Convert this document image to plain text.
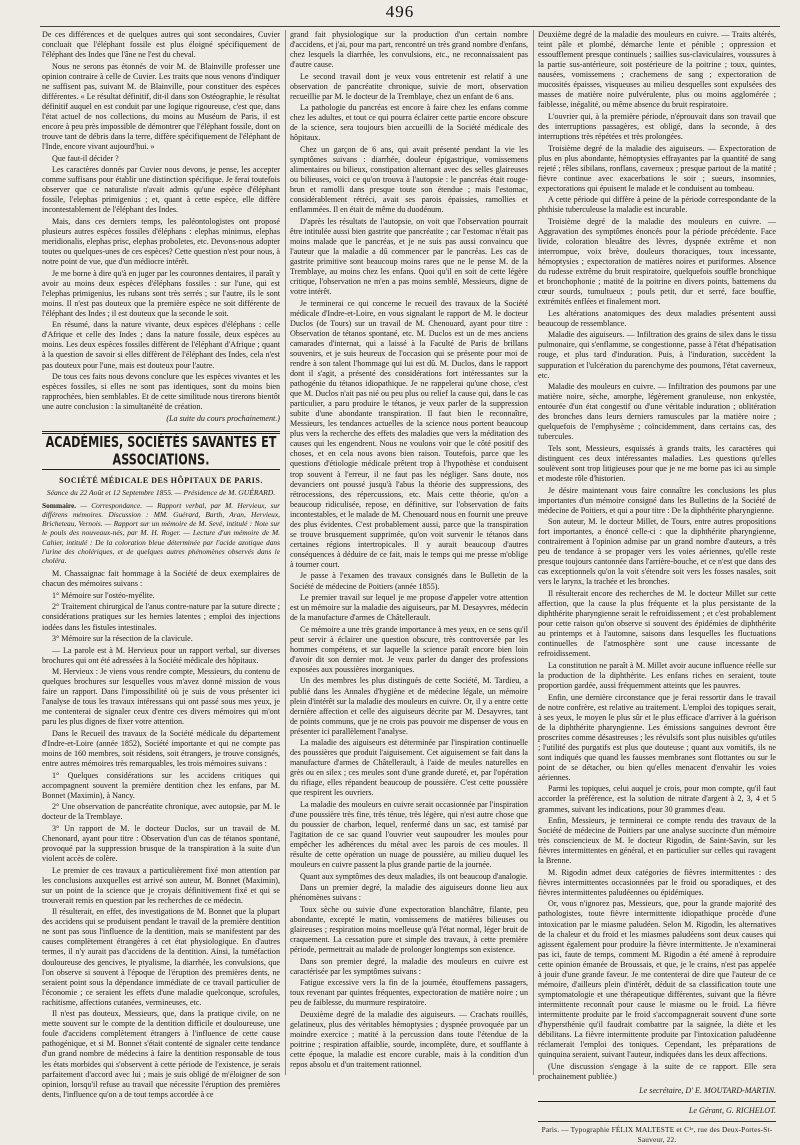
496

De ces différences et de quelques autres qui sont secondaires, Cuvier concluait que l'éléphant fossile est plus éloigné spécifiquement de l'éléphant des Indes que l'âne ne l'est du cheval.

Nous ne serons pas étonnés de voir M. de Blainville professer une opinion contraire à celle de Cuvier. Les traits que nous venons d'indiquer ne suffisent pas, suivant M. de Blainville, pour constituer des espèces différentes. « Le résultat définitif, dit-il dans son Ostéographie, le résultat définitif auquel en est conduit par une logique rigoureuse, c'est que, dans l'état actuel de nos collections, du moins au Muséum de Paris, il est encore à peu près impossible de démontrer que l'éléphant fossile, dont on trouve tant de débris dans la terre, diffère spécifiquement de l'éléphant de l'Inde, encore vivant aujourd'hui. »

Que faut-il décider ?

Les caractères donnés par Cuvier nous devons, je pense, les accepter comme suffisans pour établir une distinction spécifique. Je ferai toutefois observer que ce naturaliste n'avait admis qu'une espèce d'éléphant fossile, l'elephas primigenius ; et, quant à cette espèce, elle diffère incontestablement de l'éléphant des Indes.

Mais, dans ces derniers temps, les paléontologistes ont proposé plusieurs autres espèces fossiles d'éléphans : elephas minimus, elephas meridionalis, elephas prisc, elephas proboletes, etc. Devons-nous adopter toutes ou quelques-unes de ces espèces? Cette question n'est pour nous, à notre point de vue, que d'un médiocre intérêt.

Je me borne à dire qu'à en juger par les couronnes dentaires, il paraît y avoir au moins deux espèces d'éléphans fossiles : sur l'une, qui est l'elephas primigenius, les rubans sont très serrés ; sur l'autre, ils le sont moins. Il n'est pas douteux que la première espèce ne soit différente de l'éléphant des Indes ; il est douteux que la seconde le soit.

En résumé, dans la nature vivante, deux espèces d'éléphans : celle d'Afrique et celle des Indes ; dans la nature fossile, deux espèces au moins. Les deux espèces fossiles diffèrent de l'éléphant d'Afrique ; quant à la question de savoir si elles diffèrent de l'éléphant des Indes, cela n'est pas douteux pour l'une, mais est douteux pour l'autre.

De tous ces faits nous devons conclure que les espèces vivantes et les espèces fossiles, si elles ne sont pas identiques, sont du moins bien rapprochées, bien semblables. Et de cette similitude nous tirerons bientôt une autre conclusion : la simultanéité de création.

(La suite du cours prochainement.)

ACADÉMIES, SOCIÉTÉS SAVANTES ET ASSOCIATIONS.
SOCIÉTÉ MÉDICALE DES HÔPITAUX DE PARIS.
Séance du 22 Août et 12 Septembre 1855. — Présidence de M. GUÉRARD.
Sommaire. — Correspondance. — Rapport verbal, par M. Hervieux, sur différens mémoires. Discussion : MM. Guérard, Barth, Aran, Hervieux, Bricheteau, Vernois. — Rapport sur un mémoire de M. Sevé, intitulé : Note sur le pouls des nouveaux-nés, par M. H. Roger. — Lecture d'un mémoire de M. Cahier, intitulé : De la coloration bleue déterminée par l'acide azotique dans l'urine des cholériques, et de quelques autres phénomènes observés dans le choléra.

M. Chassaignac fait hommage à la Société de deux exemplaires de chacun des mémoires suivans :

1° Mémoire sur l'ostéo-myélite.

2° Traitement chirurgical de l'anus contre-nature par la suture directe ; considérations pratiques sur les hernies latentes ; emploi des injections iodées dans les fistules intestinales.

3° Mémoire sur la résection de la clavicule.

— La parole est à M. Hervieux pour un rapport verbal, sur diverses brochures qui ont été adressées à la Société médicale des hôpitaux.

M. Hervieux : Je viens vous rendre compte, Messieurs, du contenu de quelques brochures sur lesquelles vous m'avez donné mission de vous faire un rapport. Dans l'impossibilité où je suis de vous présenter ici l'analyse de tous les travaux intéressans qui ont passé sous mes yeux, je me contenterai de signaler ceux d'entre ces divers mémoires qui m'ont paru les plus dignes de fixer votre attention.

Dans le Recueil des travaux de la Société médicale du département d'Indre-et-Loire (année 1852), Société importante et qui ne compte pas moins de 160 membres, soit résidens, soit étrangers, je trouve consignés, entre autres mémoires très remarquables, les trois mémoires suivans :

1° Quelques considérations sur les accidens critiques qui accompagnent souvent la première dentition chez les enfans, par M. Bonnet (Maximin), à Nancy.

2° Une observation de pancréatite chronique, avec autopsie, par M. le docteur de la Tremblaye.

3° Un rapport de M. le docteur Duclos, sur un travail de M. Chenonard, ayant pour titre : Observation d'un cas de tétanos spontané, provoqué par la suppression brusque de la transpiration à la suite d'un violent accès de colère.

Le premier de ces travaux a particulièrement fixé mon attention par les conclusions auxquelles est arrivé son auteur, M. Bonnet (Maximin), sur un point de la science que je croyais définitivement fixé et qui se trouverait remis en question par les recherches de ce médecin.

Il résulterait, en effet, des investigations de M. Bonnet que la plupart des accidens qui se produisent pendant le travail de la première dentition ne sont pas sous l'influence de la dentition, mais se manifestent par des causes complètement étrangères à cet état physiologique. En d'autres termes, il n'y aurait pas d'accidens de la dentition. Ainsi, la tuméfaction douloureuse des gencives, le ptyalisme, la diarrhée, les convulsions, que l'on observe si souvent à l'époque de l'éruption des premières dents, ne seraient point sous la dépendance immédiate de ce travail particulier de l'économie ; ce seraient les effets d'une maladie quelconque, scrofules, rachitisme, affections cutanées, vermineuses, etc.

Il n'est pas douteux, Messieurs, que, dans la pratique civile, on ne mette souvent sur le compte de la dentition difficile et douloureuse, une foule d'accidens complètement étrangers à l'influence de cette cause pathogénique, et si M. Bonnet s'était contenté de signaler cette tendance d'un grand nombre de médecins à faire la dentition responsable de tous les états morbides qui s'observent à cette période de l'existence, je serais parfaitement d'accord avec lui ; mais je suis obligé de m'éloigner de son opinion, lorsqu'il refuse au travail que nécessite l'éruption des premières dents, l'influence qu'on a de tout temps accordée à ce

grand fait physiologique sur la production d'un certain nombre d'accidens, et j'ai, pour ma part, rencontré un très grand nombre d'enfans, chez lesquels la diarrhée, les convulsions, etc., ne reconnaissaient pas d'autre cause.

Le second travail dont je veux vous entretenir est relatif à une observation de pancréatite chronique, suivie de mort, observation recueillie par M. le docteur de la Tremblaye, chez un enfant de 6 ans.

La pathologie du pancréas est encore à faire chez les enfans comme chez les adultes, et tout ce qui pourra éclairer cette partie encore obscure de la science, sera toujours bien accueilli de la Société médicale des hôpitaux.

Chez un garçon de 6 ans, qui avait présenté pendant la vie les symptômes suivans : diarrhée, douleur épigastrique, vomissemens alimentaires ou bilieux, constipation alternant avec des selles glaireuses ou bilieuses, voici ce qu'on trouva à l'autopsie : le pancréas était rouge-brun et ramolli dans presque toute son étendue ; mais l'estomac, considérablement rétréci, avait ses parois épaissies, ramollies et enflammées. Il en était de même du duodénum.

D'après les résultats de l'autopsie, on voit que l'observation pourrait être intitulée aussi bien gastrite que pancréatite ; car l'estomac n'était pas moins malade que le pancréas, et je ne suis pas aussi convaincu que l'auteur que la maladie a dû commencer par le pancréas. Les cas de gastrite primitive sont beaucoup moins rares que ne le pense M. de la Tremblaye, au moins chez les enfans. Quoi qu'il en soit de cette légère critique, l'observation ne m'en a pas moins semblé, Messieurs, digne de votre intérêt.

Je terminerai ce qui concerne le recueil des travaux de la Société médicale d'Indre-et-Loire, en vous signalant le rapport de M. le docteur Duclos (de Tours) sur un travail de M. Chenouard, ayant pour titre : Observation de tétanos spontané, etc. M. Duclos est un de mes anciens camarades d'internat, qui a laissé à la Faculté de Paris de brillans souvenirs, et je suis heureux de l'occasion qui se présente pour moi de rendre à son talent l'hommage qui lui est dû. M. Duclos, dans le rapport dont il s'agit, a présenté des considérations fort intéressantes sur la pathogénie du tétanos idiopathique. Je ne rappelerai qu'une chose, c'est que M. Duclos n'ait pas nié ou peu plus ou relief la cause qui, dans le cas particulier, a paru produire le tétanos, je veux parler de la suppression subite d'une abondante transpiration. Il faut bien le reconnaître, Messieurs, les tendances actuelles de la science nous portent beaucoup plus vers la recherche des effets des maladies que vers la méditation des causes qui les engendrent. Nous ne voulons voir que le côté positif des choses, et en cela nous avons bien raison. Toutefois, parce que les questions d'étiologie médicale prêtent trop à l'hypothèse et conduisent trop souvent à l'erreur, il ne faut pas les négliger. Sans doute, nos devanciers ont poussé jusqu'à l'abus la théorie des suppressions, des rétrocessions, des répercussions, etc. Mais cette théorie, qu'on a beaucoup ridiculisée, repose, en définitive, sur l'observation de faits incontestables, et le malade de M. Chenouard nous en fournit une preuve des plus évidentes. C'est probablement aussi, parce que la transpiration se trouve brusquement supprimée, qu'on voit survenir le tétanos dans certaines régions intertropicales. Il y aurait beaucoup d'autres conséquences à déduire de ce fait, mais le temps qui me presse m'oblige à tourner court.

Je passe à l'examen des travaux consignés dans le Bulletin de la Société de médecine de Poitiers (année 1855).

Le premier travail sur lequel je me propose d'appeler votre attention est un mémoire sur la maladie des aiguiseurs, par M. Desayvres, médecin de la manufacture d'armes de Châtellerault.

Ce mémoire a une très grande importance à mes yeux, en ce sens qu'il peut servir à éclairer une question obscure, très controversée par les hommes compétens, et sur laquelle la science paraît encore bien loin d'avoir dit son dernier mot. Je veux parler du danger des professions exposées aux poussières inorganiques.

Un des membres les plus distingués de cette Société, M. Tardieu, a publié dans les Annales d'hygiène et de médecine légale, un mémoire plein d'intérêt sur la maladie des mouleurs en cuivre. Or, il y a entre cette dernière affection et celle des aiguiseurs décrite par M. Desayvres, tant de points communs, que je ne crois pas pouvoir me dispenser de vous en présenter ici parallèlement l'analyse.

La maladie des aiguiseurs est déterminée par l'inspiration continuelle des poussières que produit l'aiguisement. Cet aiguisement se fait dans la manufacture d'armes de Châtellerault, à l'aide de meules naturelles en grès ou en silex ; ces meules sont d'une grande dureté, et, par l'opération du rifiage, elles répandent beaucoup de poussière. C'est cette poussière que respirent les ouvriers.

La maladie des mouleurs en cuivre serait occasionnée par l'inspiration d'une poussière très fine, très ténue, très légère, qui n'est autre chose que du poussier de charbon, lequel, renfermé dans un sac, est tamisé par l'agitation de ce sac quand l'ouvrier veut saupoudrer les moules pour empêcher les adhérences du métal avec les parois de ces moules. Il résulte de cette opération un nuage de poussière, au milieu duquel les mouleurs en cuivre passent la plus grande partie de la journée.

Quant aux symptômes des deux maladies, ils ont beaucoup d'analogie.

Dans un premier degré, la maladie des aiguiseurs donne lieu aux phénomènes suivans :

Toux sèche ou suivie d'une expectoration blanchâtre, filante, peu abondante, excepté le matin, vomissemens de matières bilieuses ou glaireuses ; respiration moins moelleuse qu'à l'état normal, léger bruit de craquement. La cessation pure et simple des travaux, à cette première période, permettrait au malade de prolonger longtemps son existence.

Dans son premier degré, la maladie des mouleurs en cuivre est caractérisée par les symptômes suivans :

Fatigue excessive vers la fin de la journée, étouffemens passagers, toux revenant par quintes fréquentes, expectoration de matière noire ; un peu de faiblesse, du murmure respiratoire.

Deuxième degré de la maladie des aiguiseurs. — Crachats rouillés, gelatineux, plus des véritables hémoptysies ; dyspnée provoquée par un moindre exercice ; matité à la percussion dans toute l'étendue de la poitrine ; respiration affaiblie, sourde, incomplète, dure, et soufflante à cette époque, la maladie est encore curable, mais à la condition d'un repos absolu et d'un traitement rationnel.

Deuxième degré de la maladie des mouleurs en cuivre. — Traits altérés, teint pâle et plombé, démarche lente et pénible ; oppression et essoufflement presque continuels ; saillies sus-claviculaires, voussures à la partie sus-antérieure, soit postérieure de la poitrine ; toux, quintes, nausées, vomissemens ; crachemens de sang ; expectoration de mucosités épaisses, visqueuses au milieu desquelles sont expulsées des masses de matière noire pulvérulente, plus ou moins agglomérée ; faiblesse, inégalité, ou même absence du bruit respiratoire.

L'ouvrier qui, à la première période, n'éprouvait dans son travail que des interruptions passagères, est obligé, dans la seconde, à des interruptions très répétées et très prolongées.

Troisième degré de la maladie des aiguiseurs. — Expectoration de plus en plus abondante, hémoptysies effrayantes par la quantité de sang rejeté ; rêles sibilans, ronflans, caverneux ; presque partout de la matité ; fièvre continue avec exacerbations le soir ; sueurs, insomnies, expectorations qui épuisent le malade et le conduisent au tombeau.

A cette période qui diffère à peine de la période correspondante de la phthisie tuberculeuse la maladie est incurable.

Troisième degré de la maladie des mouleurs en cuivre. — Aggravation des symptômes énoncés pour la période précédente. Face livide, coloration bleuâtre des lèvres, dyspnée extrême et non interrompue, voix brève, douleurs thoraciques, toux incessante, hémoptysies ; expectoration de matières noires et puriformes. Absence du rudesse extrême du bruit respiratoire, quelquefois souffle bronchique et bronchophonie ; matité de la poitrine en divers points, battemens du cœur sourds, tumultueux ; pouls petit, dur et serré, face bouffie, extrémités enflées et finalement mort.

Les altérations anatomiques des deux maladies présentent aussi beaucoup de ressemblance.

Maladie des aiguiseurs. — Infiltration des grains de silex dans le tissu pulmonaire, qui s'enflamme, se congestionne, passe à l'état d'hépatisation rouge, et plus tard d'induration. Puis, à l'induration, succèdent la suppuration et l'ulcération du parenchyme des poumons, l'état caverneux, etc.

Maladie des mouleurs en cuivre. — Infiltration des poumons par une matière noire, sèche, amorphe, légèrement granuleuse, non enkystée, entourée d'un état congestif ou d'une véritable induration ; oblitération des bronches dans leurs derniers ramuscules par la matière noire ; quelquefois de l'emphysème ; coïncidemment, dans certains cas, des tubercules.

Tels sont, Messieurs, esquissés à grands traits, les caractères qui distinguent ces deux intéressantes maladies. Les questions qu'elles soulèvent sont trop litigieuses pour que je ne me borne pas ici au simple et modeste rôle d'historien.

Je désire maintenant vous faire connaître les conclusions les plus importantes d'un mémoire consigné dans les Bulletins de la Société de médecine de Poitiers, et qui a pour titre : De la diphthérite pharyngienne.

Son auteur, M. le docteur Millet, de Tours, entre autres propositions fort importantes, a énoncé celle-ci : que la diphthérite pharyngienne, contrairement à l'opinion admise par un grand nombre d'auteurs, a très peu de tendance à se propager vers les voies aériennes, qu'elle reste presque toujours cantonnée dans l'arrière-bouche, et ce n'est que dans des cas exceptionnels qu'on la voit s'étendre soit vers les fosses nasales, soit vers le larynx, la trachée et les bronches.

Il résulterait encore des recherches de M. le docteur Millet sur cette affection, que la cause la plus fréquente et la plus persistante de la diphthérite pharyngienne serait le refroidissement ; et c'est probablement pour cette raison qu'on observe si souvent des épidémies de diphthérite au printemps et à l'automne, saisons dans lesquelles les fluctuations continuelles de l'atmosphère sont une cause incessante de refroidissement.

La constitution ne paraît à M. Millet avoir aucune influence réelle sur la production de la diphthérite. Les enfans riches en seraient, toute proportion gardée, aussi fréquemment atteints que les pauvres.

Enfin, une dernière circonstance que je ferai ressortir dans le travail de notre confrère, est relative au traitement. L'emploi des topiques serait, à ses yeux, le moyen le plus sûr et le plus efficace d'arriver à la guérison de la diphthérite pharyngienne. Les émissions sanguines devront être proscrites comme désastreuses ; les révulsifs sont plus nuisibles qu'utiles ; l'utilité des purgatifs est plus que douteuse ; quant aux vomitifs, ils ne sont indiqués que quand les fausses membranes sont flottantes ou sur le point de se détacher, ou bien qu'elles menacent d'envahir les voies aériennes.

Parmi les topiques, celui auquel je crois, pour mon compte, qu'il faut accorder la préférence, est la solution de nitrate d'argent à 2, 3, 4 et 5 grammes, suivant les indications, pour 30 grammes d'eau.

Enfin, Messieurs, je terminerai ce compte rendu des travaux de la Société de médecine de Poitiers par une analyse succincte d'un mémoire très consciencieux de M. le docteur Rigodin, de Saint-Savin, sur les fièvres intermittentes en général, et en particulier sur celles qui ravagent la Brenne.

M. Rigodin admet deux catégories de fièvres intermittentes : des fièvres intermittentes occasionnées par le froid ou sporadiques, et des fièvres intermittentes paludéennes ou épidémiques.

Or, vous n'ignorez pas, Messieurs, que, pour la grande majorité des pathologistes, toute fièvre intermittente idiopathique procède d'une intoxication par le miasme paludéen. Selon M. Rigodin, les alternatives de la chaleur et du froid et les miasmes paludéens sont deux causes qui agissent également pour produire la fièvre intermittente. Je n'examinerai pas ici, faute de temps, comment M. Rigodin a été amené à reproduire cette opinion émanée de Broussais, et que, je le crains, n'est pas appelée à jouir d'une grande faveur. Je me contenterai de dire que l'auteur de ce mémoire, d'ailleurs plein d'intérêt, déduit de sa classification toute une symptomatologie et une thérapeutique différentes, suivant que la fièvre intermittente reconnaît pour cause le miasme ou le froid. La fièvre intermittente produite par le froid s'accompagnerait souvent d'une sorte d'hypersthénie qu'il faudrait combattre par la saignée, la diète et les débilitans. La fièvre intermittente produite par l'intoxication paludéenne réclamerait l'emploi des toniques. Cependant, les préparations de quinquina seraient, suivant l'auteur, indiquées dans les deux affections.

(Une discussion s'engage à la suite de ce rapport. Elle sera prochainement publiée.)

Le secrétaire, D' E. MOUTARD-MARTIN.

Le Gérant, G. RICHELOT.

Paris. — Typographie FÉLIX MALTESTE et C¹ᵉ, rue des Deux-Portes-St-Sauveur, 22.
